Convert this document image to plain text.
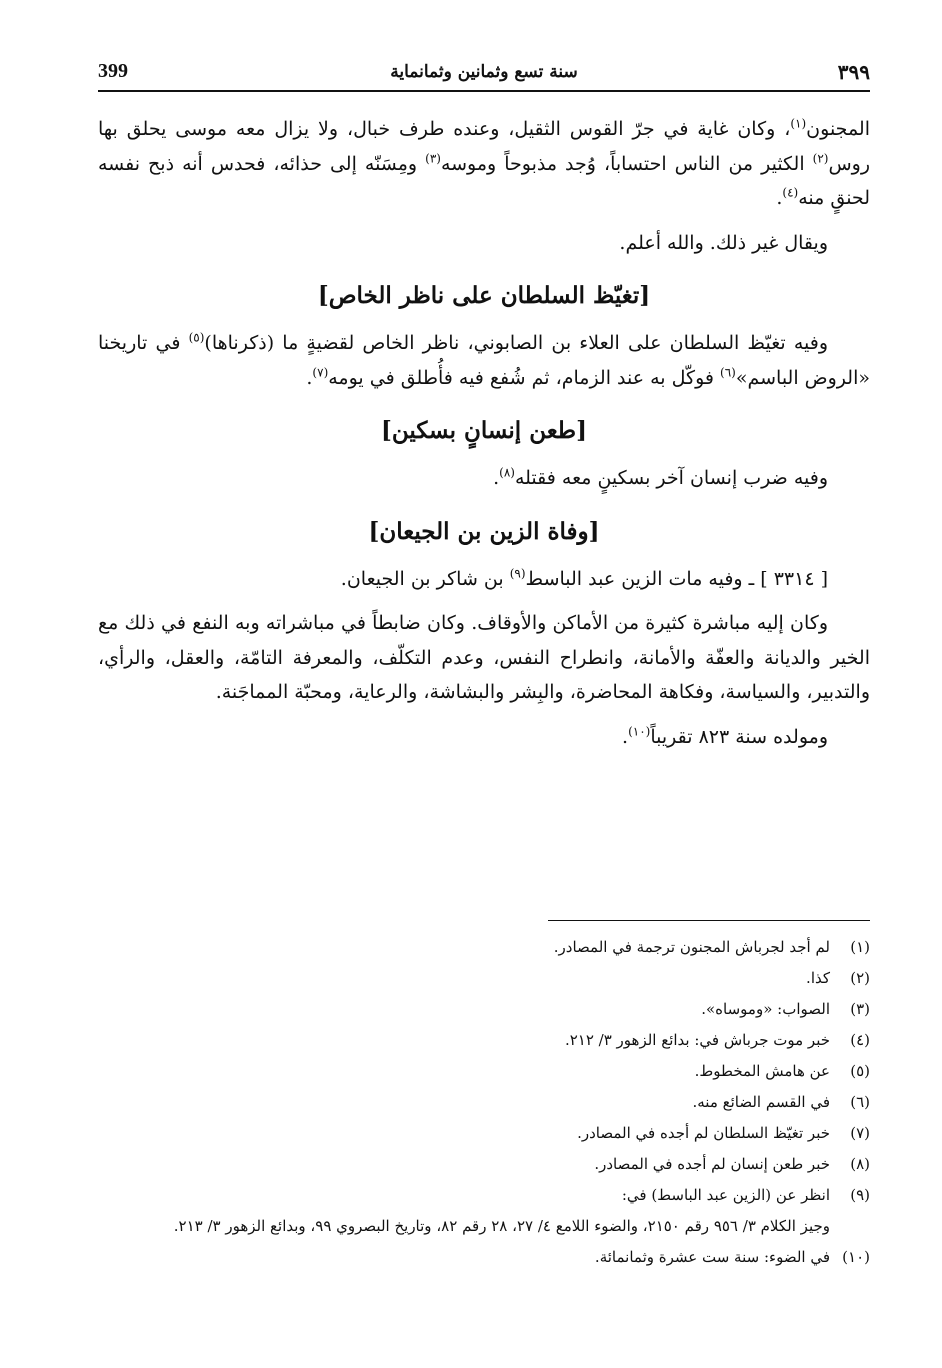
399	سنة تسع وثمانين وثمانماية	٣٩٩

المجنون$^{(١)}$، وكان غاية في جرّ القوس الثقيل، وعنده طرف خبال، ولا يزال معه موسى يحلق بها روس$^{(٢)}$ الكثير من الناس احتساباً، وُجد مذبوحاً وموسه$^{(٣)}$ ومِسَنّه إلى حذائه، فحدس أنه ذبح نفسه لحنقٍ منه$^{(٤)}$.

ويقال غير ذلك. والله أعلم.

[تغيّظ السلطان على ناظر الخاص]

وفيه تغيّظ السلطان على العلاء بن الصابوني، ناظر الخاص لقضيةٍ ما (ذكرناها)$^{(٥)}$ في تاريخنا «الروض الباسم»$^{(٦)}$ فوكّل به عند الزمام، ثم شُفع فيه فأُطلق في يومه$^{(٧)}$.

[طعن إنسانٍ بسكين]

وفيه ضرب إنسان آخر بسكينٍ معه فقتله$^{(٨)}$.

[وفاة الزين بن الجيعان]

[ ٣٣١٤ ] ـ وفيه مات الزين عبد الباسط$^{(٩)}$ بن شاكر بن الجيعان.

وكان إليه مباشرة كثيرة من الأماكن والأوقاف. وكان ضابطاً في مباشراته وبه النفع في ذلك مع الخير والديانة والعفّة والأمانة، وانطراح النفس، وعدم التكلّف، والمعرفة التامّة، والعقل، والرأي، والتدبير، والسياسة، وفكاهة المحاضرة، والبِشر والبشاشة، والرعاية، ومحبّة المماجَنة.

ومولده سنة ٨٢٣ تقريباً$^{(١٠)}$.

(١)
لم أجد لجرباش المجنون ترجمة في المصادر.
(٢)
كذا.
(٣)
الصواب: «وموساه».
(٤)
خبر موت جرباش في: بدائع الزهور ٣/ ٢١٢.
(٥)
عن هامش المخطوط.
(٦)
في القسم الضائع منه.
(٧)
خبر تغيّظ السلطان لم أجده في المصادر.
(٨)
خبر طعن إنسان لم أجده في المصادر.
(٩)
انظر عن (الزين عبد الباسط) في:
وجيز الكلام ٣/ ٩٥٦ رقم ٢١٥٠، والضوء اللامع ٤/ ٢٧، ٢٨ رقم ٨٢، وتاريخ البصروي ٩٩، وبدائع الزهور ٣/ ٢١٣.
(١٠)
في الضوء: سنة ست عشرة وثمانمائة.
